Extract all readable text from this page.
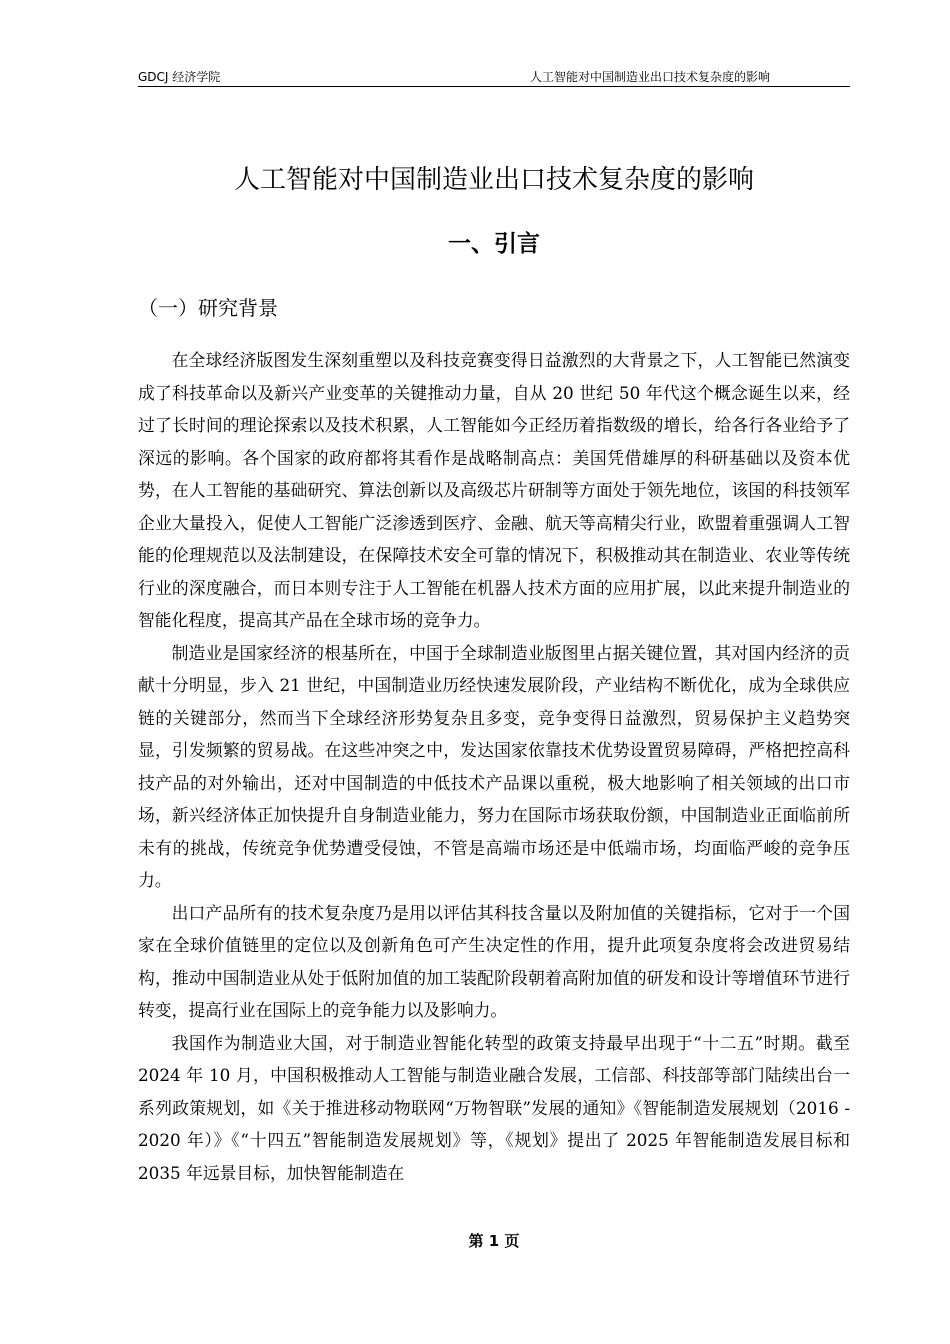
GDCJ 经济学院	人工智能对中国制造业出口技术复杂度的影响
人工智能对中国制造业出口技术复杂度的影响
一、引言
（一）研究背景

在全球经济版图发生深刻重塑以及科技竞赛变得日益激烈的大背景之下，人工智能已然演变成了科技革命以及新兴产业变革的关键推动力量，自从 20 世纪 50 年代这个概念诞生以来，经过了长时间的理论探索以及技术积累，人工智能如今正经历着指数级的增长，给各行各业给予了深远的影响。各个国家的政府都将其看作是战略制高点：美国凭借雄厚的科研基础以及资本优势，在人工智能的基础研究、算法创新以及高级芯片研制等方面处于领先地位，该国的科技领军企业大量投入，促使人工智能广泛渗透到医疗、金融、航天等高精尖行业，欧盟着重强调人工智能的伦理规范以及法制建设，在保障技术安全可靠的情况下，积极推动其在制造业、农业等传统行业的深度融合，而日本则专注于人工智能在机器人技术方面的应用扩展，以此来提升制造业的智能化程度，提高其产品在全球市场的竞争力。

制造业是国家经济的根基所在，中国于全球制造业版图里占据关键位置，其对国内经济的贡献十分明显，步入 21 世纪，中国制造业历经快速发展阶段，产业结构不断优化，成为全球供应链的关键部分，然而当下全球经济形势复杂且多变，竞争变得日益激烈，贸易保护主义趋势突显，引发频繁的贸易战。在这些冲突之中，发达国家依靠技术优势设置贸易障碍，严格把控高科技产品的对外输出，还对中国制造的中低技术产品课以重税，极大地影响了相关领域的出口市场，新兴经济体正加快提升自身制造业能力，努力在国际市场获取份额，中国制造业正面临前所未有的挑战，传统竞争优势遭受侵蚀，不管是高端市场还是中低端市场，均面临严峻的竞争压力。

出口产品所有的技术复杂度乃是用以评估其科技含量以及附加值的关键指标，它对于一个国家在全球价值链里的定位以及创新角色可产生决定性的作用，提升此项复杂度将会改进贸易结构，推动中国制造业从处于低附加值的加工装配阶段朝着高附加值的研发和设计等增值环节进行转变，提高行业在国际上的竞争能力以及影响力。

我国作为制造业大国，对于制造业智能化转型的政策支持最早出现于“十二五”时期。截至 2024 年 10 月，中国积极推动人工智能与制造业融合发展，工信部、科技部等部门陆续出台一系列政策规划，如《关于推进移动物联网“万物智联”发展的通知》《智能制造发展规划（2016 - 2020 年）》《“十四五”智能制造发展规划》等，《规划》提出了 2025 年智能制造发展目标和 2035 年远景目标，加快智能制造在

第 1 页
